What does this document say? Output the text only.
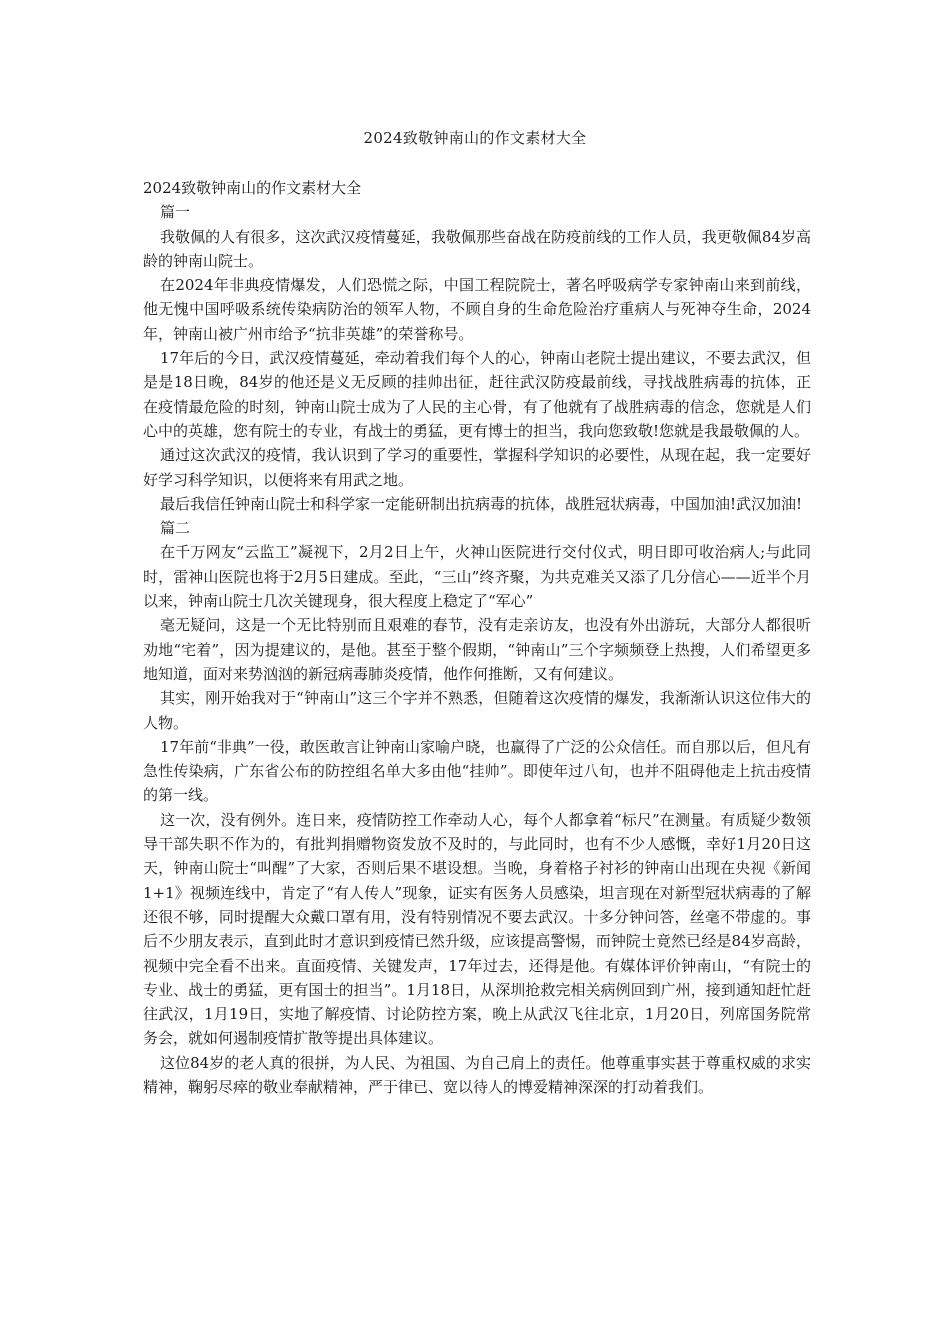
2024致敬钟南山的作文素材大全

2024致敬钟南山的作文素材大全

篇一

我敬佩的人有很多，这次武汉疫情蔓延，我敬佩那些奋战在防疫前线的工作人员，我更敬佩84岁高龄的钟南山院士。

在2024年非典疫情爆发，人们恐慌之际，中国工程院院士，著名呼吸病学专家钟南山来到前线，他无愧中国呼吸系统传染病防治的领军人物，不顾自身的生命危险治疗重病人与死神夺生命，2024年，钟南山被广州市给予“抗非英雄”的荣誉称号。

17年后的今日，武汉疫情蔓延，牵动着我们每个人的心，钟南山老院士提出建议，不要去武汉，但是是18日晚，84岁的他还是义无反顾的挂帅出征，赶往武汉防疫最前线，寻找战胜病毒的抗体，正在疫情最危险的时刻，钟南山院士成为了人民的主心骨，有了他就有了战胜病毒的信念，您就是人们心中的英雄，您有院士的专业，有战士的勇猛，更有博士的担当，我向您致敬!您就是我最敬佩的人。

通过这次武汉的疫情，我认识到了学习的重要性，掌握科学知识的必要性，从现在起，我一定要好好学习科学知识，以便将来有用武之地。

最后我信任钟南山院士和科学家一定能研制出抗病毒的抗体，战胜冠状病毒，中国加油!武汉加油!

篇二

在千万网友“云监工”凝视下，2月2日上午，火神山医院进行交付仪式，明日即可收治病人;与此同时，雷神山医院也将于2月5日建成。至此，“三山”终齐聚，为共克难关又添了几分信心——近半个月以来，钟南山院士几次关键现身，很大程度上稳定了“军心”

毫无疑问，这是一个无比特别而且艰难的春节，没有走亲访友，也没有外出游玩，大部分人都很听劝地“宅着”，因为提建议的，是他。甚至于整个假期，“钟南山”三个字频频登上热搜，人们希望更多地知道，面对来势汹汹的新冠病毒肺炎疫情，他作何推断，又有何建议。

其实，刚开始我对于“钟南山”这三个字并不熟悉，但随着这次疫情的爆发，我渐渐认识这位伟大的人物。

17年前“非典”一役，敢医敢言让钟南山家喻户晓，也赢得了广泛的公众信任。而自那以后，但凡有急性传染病，广东省公布的防控组名单大多由他“挂帅”。即使年过八旬，也并不阻碍他走上抗击疫情的第一线。

这一次，没有例外。连日来，疫情防控工作牵动人心，每个人都拿着“标尺”在测量。有质疑少数领导干部失职不作为的，有批判捐赠物资发放不及时的，与此同时，也有不少人感慨，幸好1月20日这天，钟南山院士“叫醒”了大家，否则后果不堪设想。当晚，身着格子衬衫的钟南山出现在央视《新闻1+1》视频连线中，肯定了“有人传人”现象，证实有医务人员感染，坦言现在对新型冠状病毒的了解还很不够，同时提醒大众戴口罩有用，没有特别情况不要去武汉。十多分钟问答，丝毫不带虚的。事后不少朋友表示，直到此时才意识到疫情已然升级，应该提高警惕，而钟院士竟然已经是84岁高龄，视频中完全看不出来。直面疫情、关键发声，17年过去，还得是他。有媒体评价钟南山，“有院士的专业、战士的勇猛，更有国士的担当”。1月18日，从深圳抢救完相关病例回到广州，接到通知赶忙赶往武汉，1月19日，实地了解疫情、讨论防控方案，晚上从武汉飞往北京，1月20日，列席国务院常务会，就如何遏制疫情扩散等提出具体建议。

这位84岁的老人真的很拼，为人民、为祖国、为自己肩上的责任。他尊重事实甚于尊重权威的求实精神，鞠躬尽瘁的敬业奉献精神，严于律已、宽以待人的博爱精神深深的打动着我们。
